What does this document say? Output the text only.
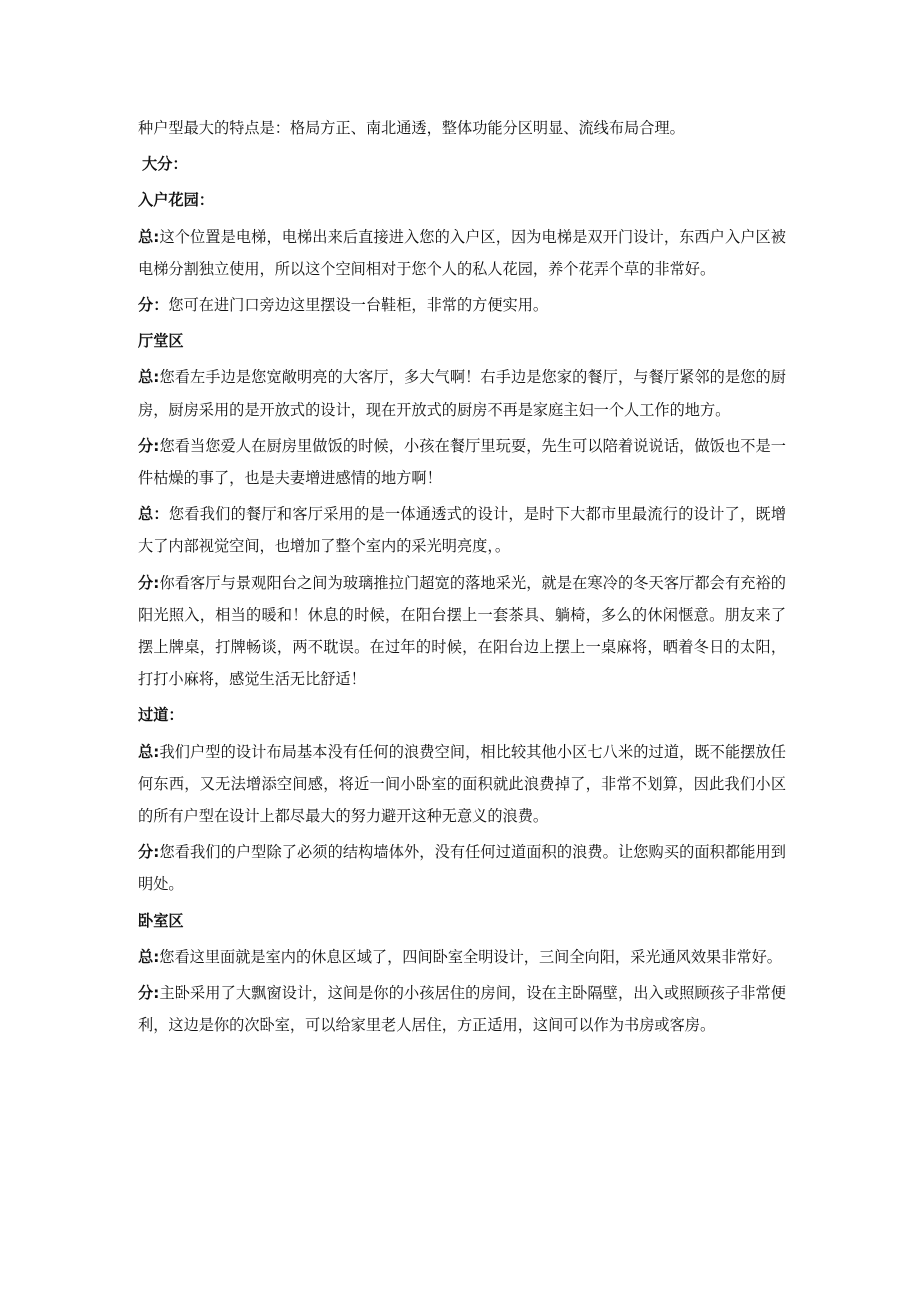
种户型最大的特点是：格局方正、南北通透，整体功能分区明显、流线布局合理。

大分：

入户花园：

总:这个位置是电梯，电梯出来后直接进入您的入户区，因为电梯是双开门设计，东西户入户区被电梯分割独立使用，所以这个空间相对于您个人的私人花园，养个花弄个草的非常好。

分：您可在进门口旁边这里摆设一台鞋柜，非常的方便实用。

厅堂区

总:您看左手边是您宽敞明亮的大客厅，多大气啊！右手边是您家的餐厅，与餐厅紧邻的是您的厨房，厨房采用的是开放式的设计，现在开放式的厨房不再是家庭主妇一个人工作的地方。

分:您看当您爱人在厨房里做饭的时候，小孩在餐厅里玩耍，先生可以陪着说说话，做饭也不是一件枯燥的事了，也是夫妻增进感情的地方啊！

总：您看我们的餐厅和客厅采用的是一体通透式的设计，是时下大都市里最流行的设计了，既增大了内部视觉空间，也增加了整个室内的采光明亮度，。

分:你看客厅与景观阳台之间为玻璃推拉门超宽的落地采光，就是在寒冷的冬天客厅都会有充裕的阳光照入，相当的暖和！休息的时候，在阳台摆上一套茶具、躺椅，多么的休闲惬意。朋友来了摆上牌桌，打牌畅谈，两不耽误。在过年的时候，在阳台边上摆上一桌麻将，晒着冬日的太阳，打打小麻将，感觉生活无比舒适！

过道：

总:我们户型的设计布局基本没有任何的浪费空间，相比较其他小区七八米的过道，既不能摆放任何东西，又无法增添空间感，将近一间小卧室的面积就此浪费掉了，非常不划算，因此我们小区的所有户型在设计上都尽最大的努力避开这种无意义的浪费。

分:您看我们的户型除了必须的结构墙体外，没有任何过道面积的浪费。让您购买的面积都能用到明处。

卧室区

总:您看这里面就是室内的休息区域了，四间卧室全明设计，三间全向阳，采光通风效果非常好。

分:主卧采用了大飘窗设计，这间是你的小孩居住的房间，设在主卧隔壁，出入或照顾孩子非常便利，这边是你的次卧室，可以给家里老人居住，方正适用，这间可以作为书房或客房。
